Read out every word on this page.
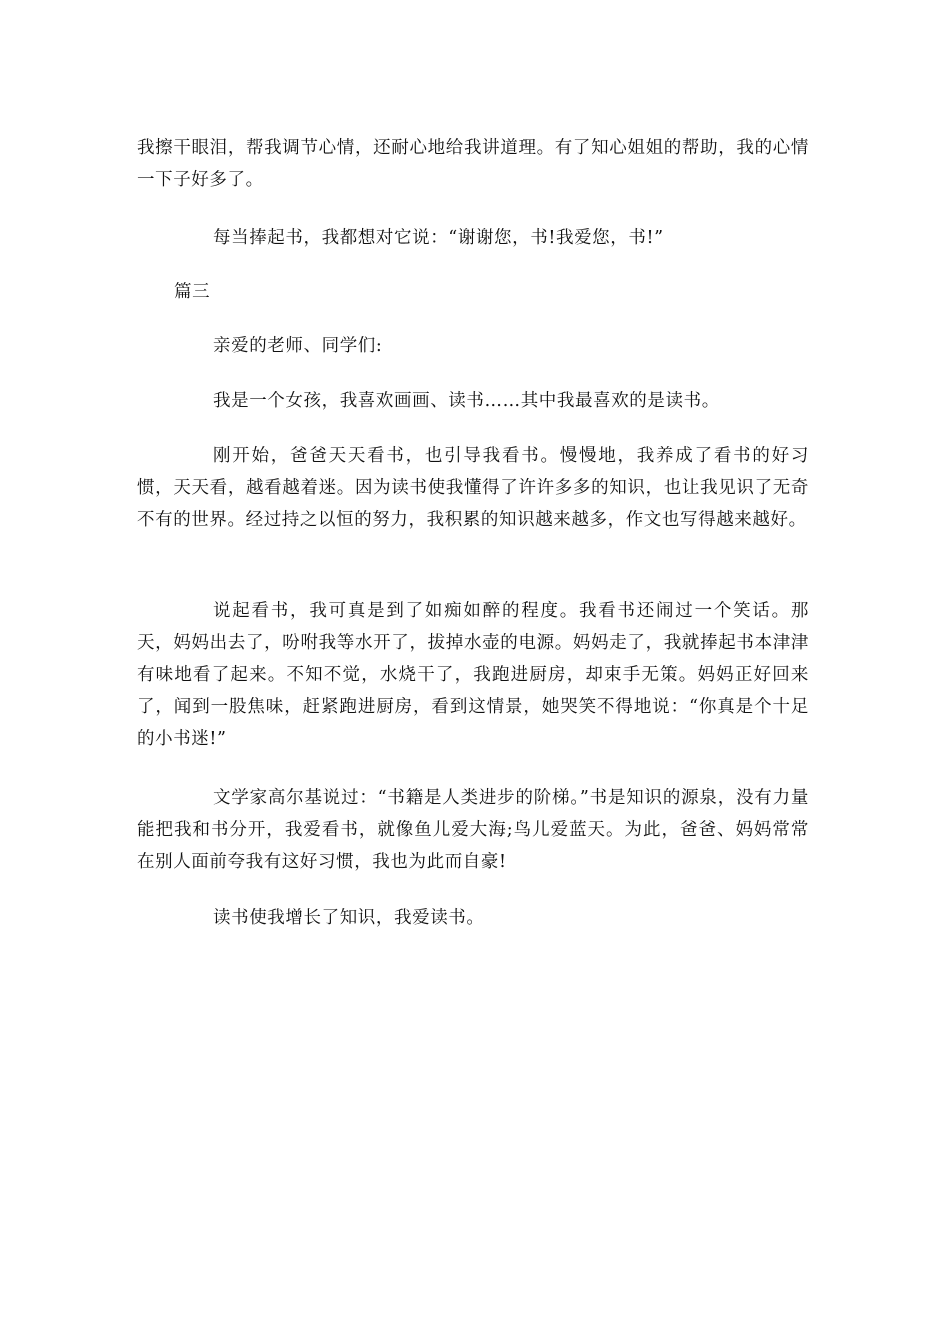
我擦干眼泪，帮我调节心情，还耐心地给我讲道理。有了知心姐姐的帮助，我的心情一下子好多了。

每当捧起书，我都想对它说：“谢谢您，书!我爱您，书!”

篇三

亲爱的老师、同学们:

我是一个女孩，我喜欢画画、读书……其中我最喜欢的是读书。

刚开始，爸爸天天看书，也引导我看书。慢慢地，我养成了看书的好习惯，天天看，越看越着迷。因为读书使我懂得了许许多多的知识，也让我见识了无奇不有的世界。经过持之以恒的努力，我积累的知识越来越多，作文也写得越来越好。

说起看书，我可真是到了如痴如醉的程度。我看书还闹过一个笑话。那天，妈妈出去了，吩咐我等水开了，拔掉水壶的电源。妈妈走了，我就捧起书本津津有味地看了起来。不知不觉，水烧干了，我跑进厨房，却束手无策。妈妈正好回来了，闻到一股焦味，赶紧跑进厨房，看到这情景，她哭笑不得地说：“你真是个十足的小书迷!”

文学家高尔基说过：“书籍是人类进步的阶梯。”书是知识的源泉，没有力量能把我和书分开，我爱看书，就像鱼儿爱大海;鸟儿爱蓝天。为此，爸爸、妈妈常常在别人面前夸我有这好习惯，我也为此而自豪!

读书使我增长了知识，我爱读书。
